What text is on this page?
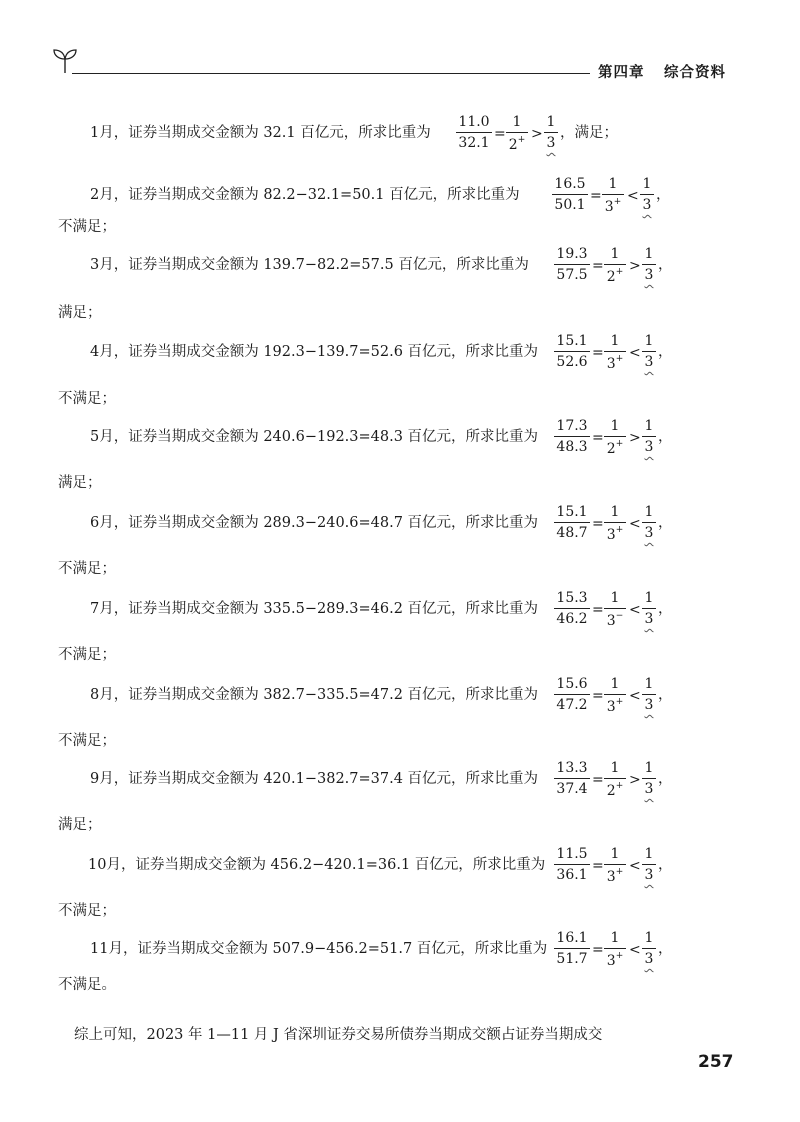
第四章 综合资料
1月，证券当期成交金额为 32.1 百亿元，所求比重为 $\frac{11.0}{32.1} = \frac{1}{2^+} > \frac{1}{3}$ ，满足；
2月，证券当期成交金额为 82.2−32.1=50.1 百亿元，所求比重为 $\frac{16.5}{50.1} = \frac{1}{3^+} < \frac{1}{3}$ ，
不满足；
3月，证券当期成交金额为 139.7−82.2=57.5 百亿元，所求比重为 $\frac{19.3}{57.5} = \frac{1}{2^+} > \frac{1}{3}$ ，
满足；
4月，证券当期成交金额为 192.3−139.7=52.6 百亿元，所求比重为 $\frac{15.1}{52.6} = \frac{1}{3^+} < \frac{1}{3}$ ，
不满足；
5月，证券当期成交金额为 240.6−192.3=48.3 百亿元，所求比重为 $\frac{17.3}{48.3} = \frac{1}{2^+} > \frac{1}{3}$ ，
满足；
6月，证券当期成交金额为 289.3−240.6=48.7 百亿元，所求比重为 $\frac{15.1}{48.7} = \frac{1}{3^+} < \frac{1}{3}$ ，
不满足；
7月，证券当期成交金额为 335.5−289.3=46.2 百亿元，所求比重为 $\frac{15.3}{46.2} = \frac{1}{3^-} < \frac{1}{3}$ ，
不满足；
8月，证券当期成交金额为 382.7−335.5=47.2 百亿元，所求比重为 $\frac{15.6}{47.2} = \frac{1}{3^+} < \frac{1}{3}$ ，
不满足；
9月，证券当期成交金额为 420.1−382.7=37.4 百亿元，所求比重为 $\frac{13.3}{37.4} = \frac{1}{2^+} > \frac{1}{3}$ ，
满足；
10月，证券当期成交金额为 456.2−420.1=36.1 百亿元，所求比重为 $\frac{11.5}{36.1} = \frac{1}{3^+} < \frac{1}{3}$ ，
不满足；
11月，证券当期成交金额为 507.9−456.2=51.7 百亿元，所求比重为 $\frac{16.1}{51.7} = \frac{1}{3^+} < \frac{1}{3}$ ，
不满足。
综上可知，2023 年 1—11 月 J 省深圳证券交易所债券当期成交额占证券当期成交
257
